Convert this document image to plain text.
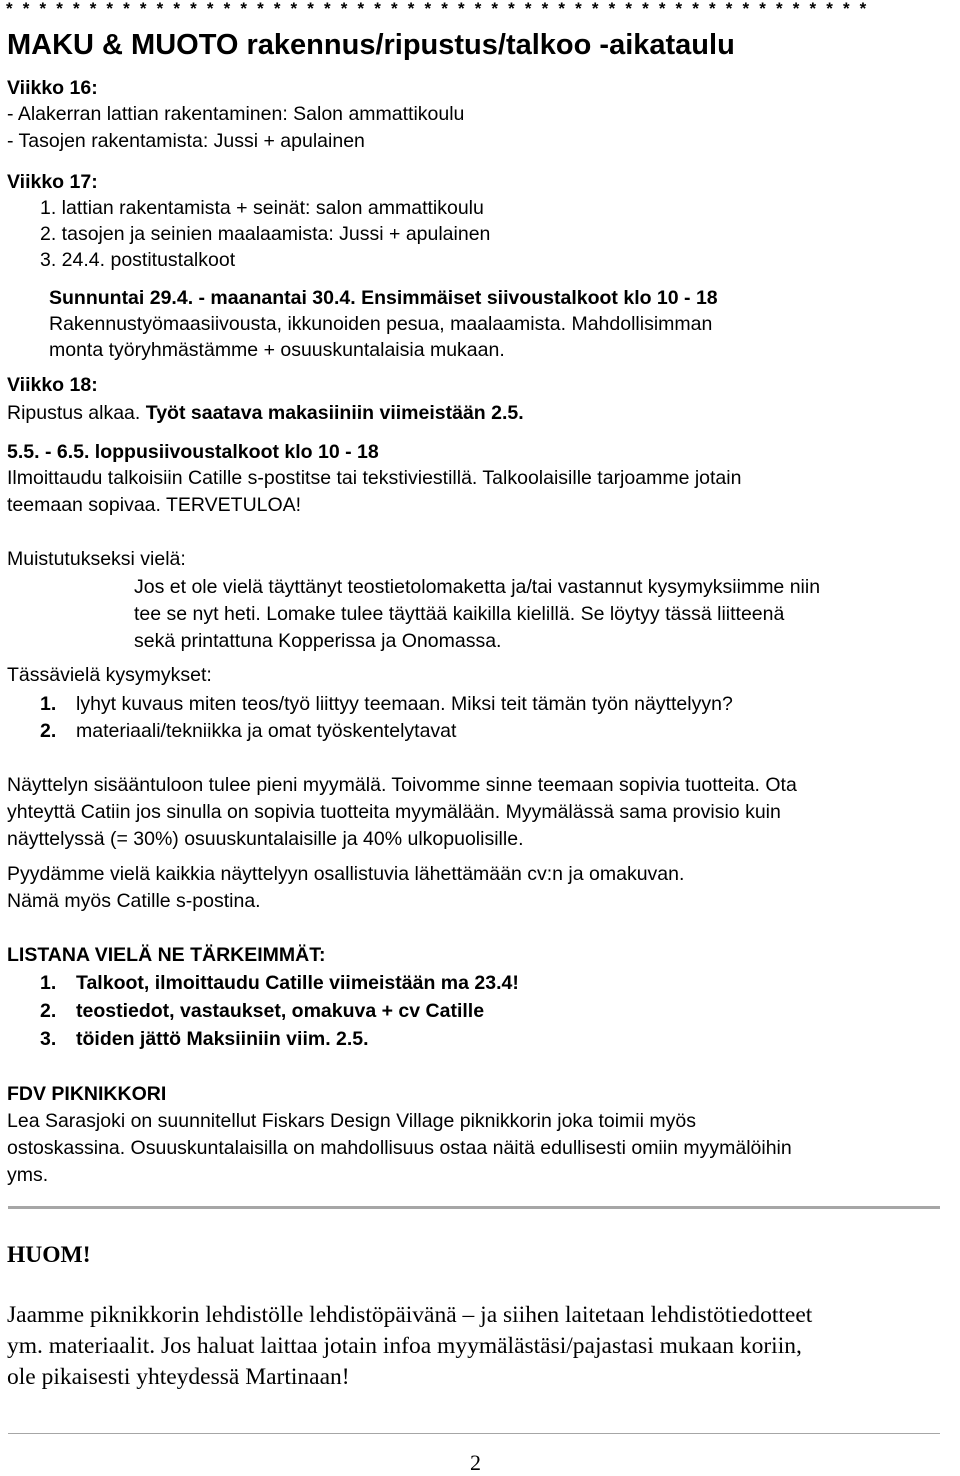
* * * * * * * * * * * * * * * * * * * * * * * * * * * * * * * * * * * * * * * * * * * * * * * * * * * *
MAKU & MUOTO rakennus/ripustus/talkoo -aikataulu
Viikko 16:
- Alakerran lattian rakentaminen: Salon ammattikoulu
- Tasojen rakentamista: Jussi + apulainen
Viikko 17:
1. lattian rakentamista + seinät: salon ammattikoulu
2. tasojen ja seinien maalaamista: Jussi + apulainen
3. 24.4. postitustalkoot
Sunnuntai 29.4. - maanantai 30.4. Ensimmäiset siivoustalkoot klo 10 - 18
Rakennustyömaasiivousta, ikkunoiden pesua, maalaamista. Mahdollisimman
monta työryhmästämme + osuuskuntalaisia mukaan.
Viikko 18:
Ripustus alkaa. Työt saatava makasiiniin viimeistään 2.5.
5.5. - 6.5. loppusiivoustalkoot klo 10 - 18
Ilmoittaudu talkoisiin Catille s-postitse tai tekstiviestillä. Talkoolaisille tarjoamme jotain
teemaan sopivaa. TERVETULOA!
Muistutukseksi vielä:
Jos et ole vielä täyttänyt teostietolomaketta ja/tai vastannut kysymyksiimme niin
tee se nyt heti. Lomake tulee täyttää kaikilla kielillä. Se löytyy tässä liitteenä
sekä printattuna Kopperissa ja Onomassa.
Tässävielä kysymykset:
1. lyhyt kuvaus miten teos/työ liittyy teemaan. Miksi teit tämän työn näyttelyyn?
2. materiaali/tekniikka ja omat työskentelytavat
Näyttelyn sisääntuloon tulee pieni myymälä. Toivomme sinne teemaan sopivia tuotteita. Ota
yhteyttä Catiin jos sinulla on sopivia tuotteita myymälään. Myymälässä sama provisio kuin
näyttelyssä (= 30%) osuuskuntalaisille ja 40% ulkopuolisille.
Pyydämme vielä kaikkia näyttelyyn osallistuvia lähettämään cv:n ja omakuvan.
Nämä myös Catille s-postina.
LISTANA VIELÄ NE TÄRKEIMMÄT:
1. Talkoot, ilmoittaudu Catille viimeistään ma 23.4!
2. teostiedot, vastaukset, omakuva + cv Catille
3. töiden jättö Maksiiniin viim. 2.5.
FDV PIKNIKKORI
Lea Sarasjoki on suunnitellut Fiskars Design Village piknikkorin joka toimii myös
ostoskassina. Osuuskuntalaisilla on mahdollisuus ostaa näitä edullisesti omiin myymälöihin
yms.
HUOM!
Jaamme piknikkorin lehdistölle lehdistöpäivänä – ja siihen laitetaan lehdistötiedotteet
ym. materiaalit. Jos haluat laittaa jotain infoa myymälästäsi/pajastasi mukaan koriin,
ole pikaisesti yhteydessä Martinaan!
2
